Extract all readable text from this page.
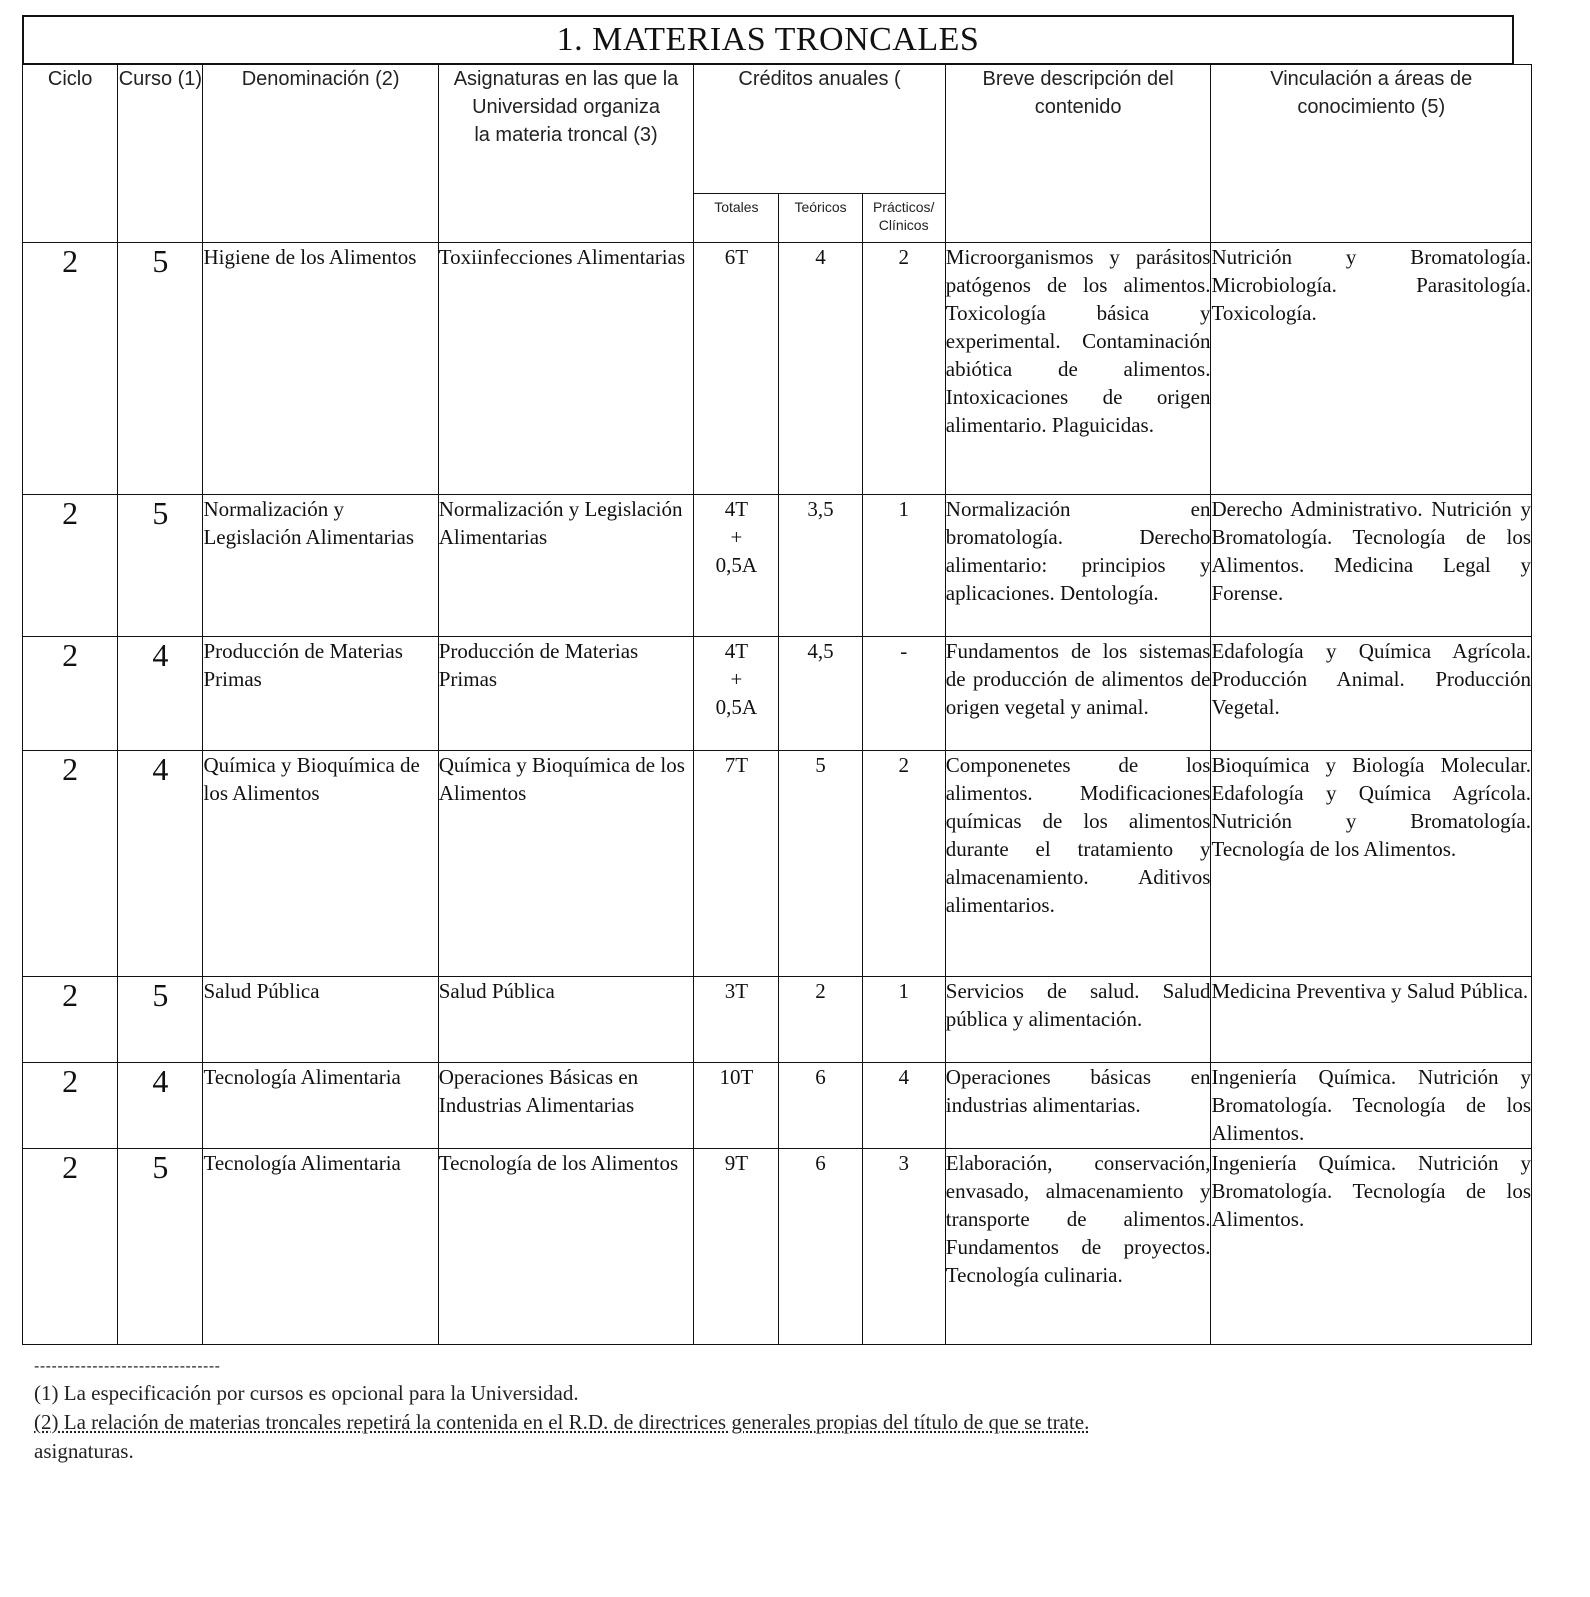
1. MATERIAS TRONCALES
Ciclo	Curso (1)	Denominación (2)	Asignaturas en las que la Universidad organiza
la materia troncal (3)	Créditos anuales (			Breve descripción del contenido	Vinculación a áreas de conocimiento (5)
				Totales	Teóricos	Prácticos/ Clínicos		
2	5	Higiene de los Alimentos	Toxiinfecciones Alimentarias	6T	4	2	Microorganismos y parásitos patógenos de los alimentos. Toxicología básica y experimental. Contaminación abiótica de alimentos. Intoxicaciones de origen alimentario. Plaguicidas.	Nutrición y Bromatología. Microbiología. Parasitología. Toxicología.
2	5	Normalización y Legislación Alimentarias	Normalización y Legislación Alimentarias	4T
+
0,5A	3,5	1	Normalización en bromatología. Derecho alimentario: principios y aplicaciones. Dentología.	Derecho Administrativo. Nutrición y Bromatología. Tecnología de los Alimentos. Medicina Legal y Forense.
2	4	Producción de Materias Primas	Producción de Materias Primas	4T
+
0,5A	4,5	-	Fundamentos de los sistemas de producción de alimentos de origen vegetal y animal.	Edafología y Química Agrícola. Producción Animal. Producción Vegetal.
2	4	Química y Bioquímica de los Alimentos	Química y Bioquímica de los Alimentos	7T	5	2	Componenetes de los alimentos. Modificaciones químicas de los alimentos durante el tratamiento y almacenamiento. Aditivos alimentarios.	Bioquímica y Biología Molecular. Edafología y Química Agrícola. Nutrición y Bromatología. Tecnología de los Alimentos.
2	5	Salud Pública	Salud Pública	3T	2	1	Servicios de salud. Salud pública y alimentación.	Medicina Preventiva y Salud Pública.
2	4	Tecnología Alimentaria	Operaciones Básicas en Industrias Alimentarias	10T	6	4	Operaciones básicas en industrias alimentarias.	Ingeniería Química. Nutrición y Bromatología. Tecnología de los Alimentos.
2	5	Tecnología Alimentaria	Tecnología de los Alimentos	9T	6	3	Elaboración, conservación, envasado, almacenamiento y transporte de alimentos. Fundamentos de proyectos. Tecnología culinaria.	Ingeniería Química. Nutrición y Bromatología. Tecnología de los Alimentos.
--------------------------------
(1) La especificación por cursos es opcional para la Universidad.
(2) La relación de materias troncales repetirá la contenida en el R.D. de directrices generales propias del título de que se trate.
asignaturas.
